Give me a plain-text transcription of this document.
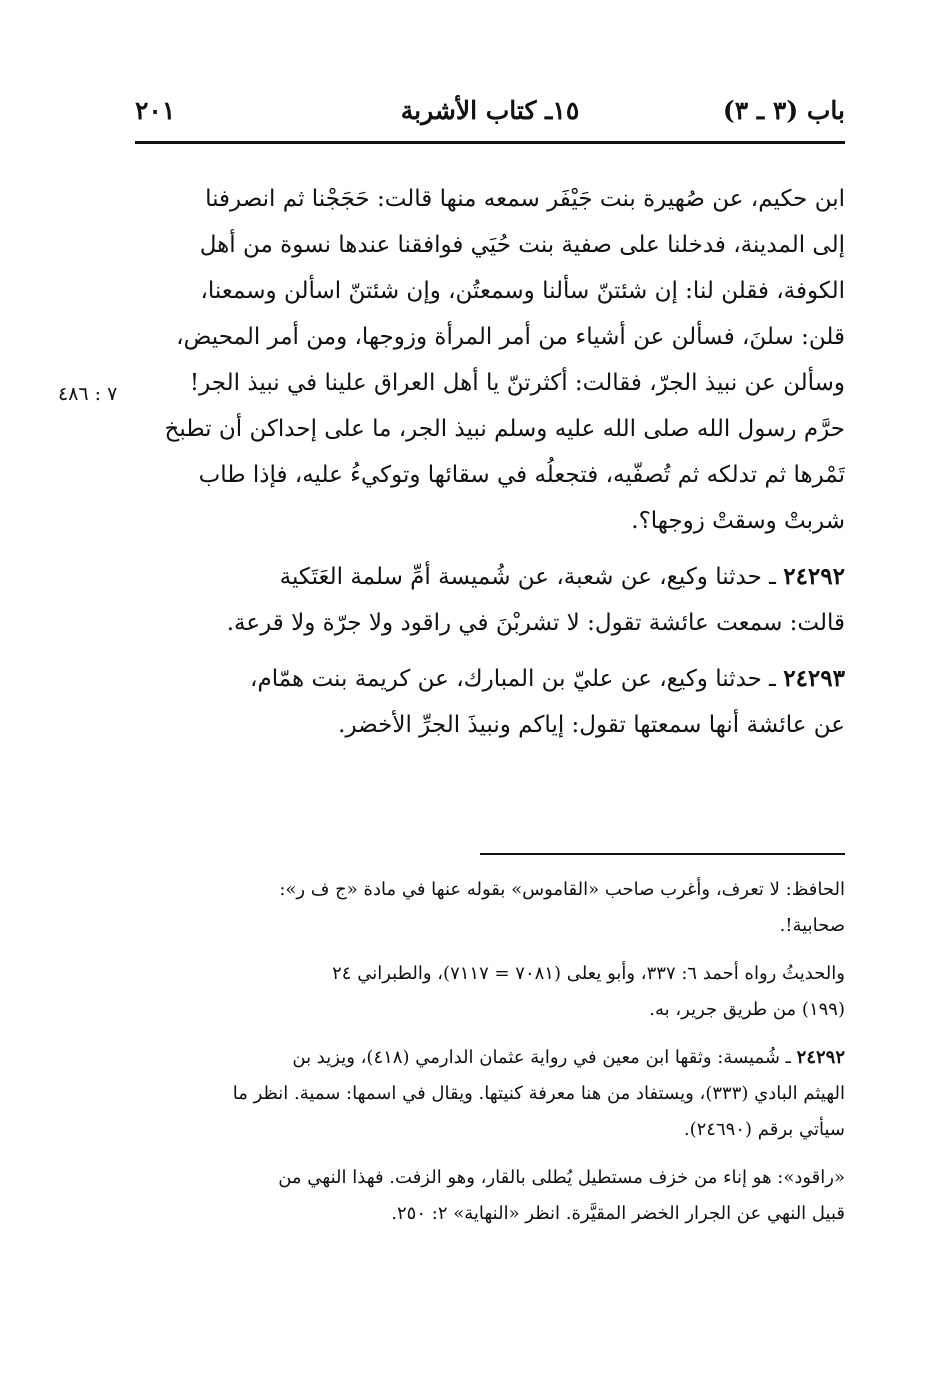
باب (٣ ـ ٣)
١٥ـ كتاب الأشربة
٢٠١
٧ : ٤٨٦
ابن حكيم، عن صُهيرة بنت جَيْفَر سمعه منها قالت: حَجَجْنا ثم انصرفنا
إلى المدينة، فدخلنا على صفية بنت حُيَي فوافقنا عندها نسوة من أهل
الكوفة، فقلن لنا: إن شئتنّ سألنا وسمعتُن، وإن شئتنّ اسألن وسمعنا،
قلن: سلنَ، فسألن عن أشياء من أمر المرأة وزوجها، ومن أمر المحيض،
وسألن عن نبيذ الجرّ، فقالت: أكثرتنّ يا أهل العراق علينا في نبيذ الجر!
حرَّم رسول الله صلى الله عليه وسلم نبيذ الجر، ما على إحداكن أن تطبخ
تَمْرها ثم تدلكه ثم تُصفّيه، فتجعلُه في سقائها وتوكيءُ عليه، فإذا طاب
شربتْ وسقتْ زوجها؟.
٢٤٢٩٢ ـ حدثنا وكيع، عن شعبة، عن شُميسة أمِّ سلمة العَتَكية
قالت: سمعت عائشة تقول: لا تشربْنَ في راقود ولا جرّة ولا قرعة.
٢٤٢٩٣ ـ حدثنا وكيع، عن عليّ بن المبارك، عن كريمة بنت همّام،
عن عائشة أنها سمعتها تقول: إياكم ونبيذَ الجرِّ الأخضر.
الحافظ: لا تعرف، وأغرب صاحب «القاموس» بقوله عنها في مادة «ج ف ر»:
صحابية!.
والحديثُ رواه أحمد ٦: ٣٣٧، وأبو يعلى (٧٠٨١ = ٧١١٧)، والطبراني ٢٤
(١٩٩) من طريق جرير، به.
٢٤٢٩٢ ـ شُميسة: وثقها ابن معين في رواية عثمان الدارمي (٤١٨)، ويزيد بن
الهيثم البادي (٣٣٣)، ويستفاد من هنا معرفة كنيتها. ويقال في اسمها: سمية. انظر ما
سيأتي برقم (٢٤٦٩٠).
«راقود»: هو إناء من خزف مستطيل يُطلى بالقار، وهو الزفت. فهذا النهي من
قبيل النهي عن الجرار الخضر المقيَّرة. انظر «النهاية» ٢: ٢٥٠.
